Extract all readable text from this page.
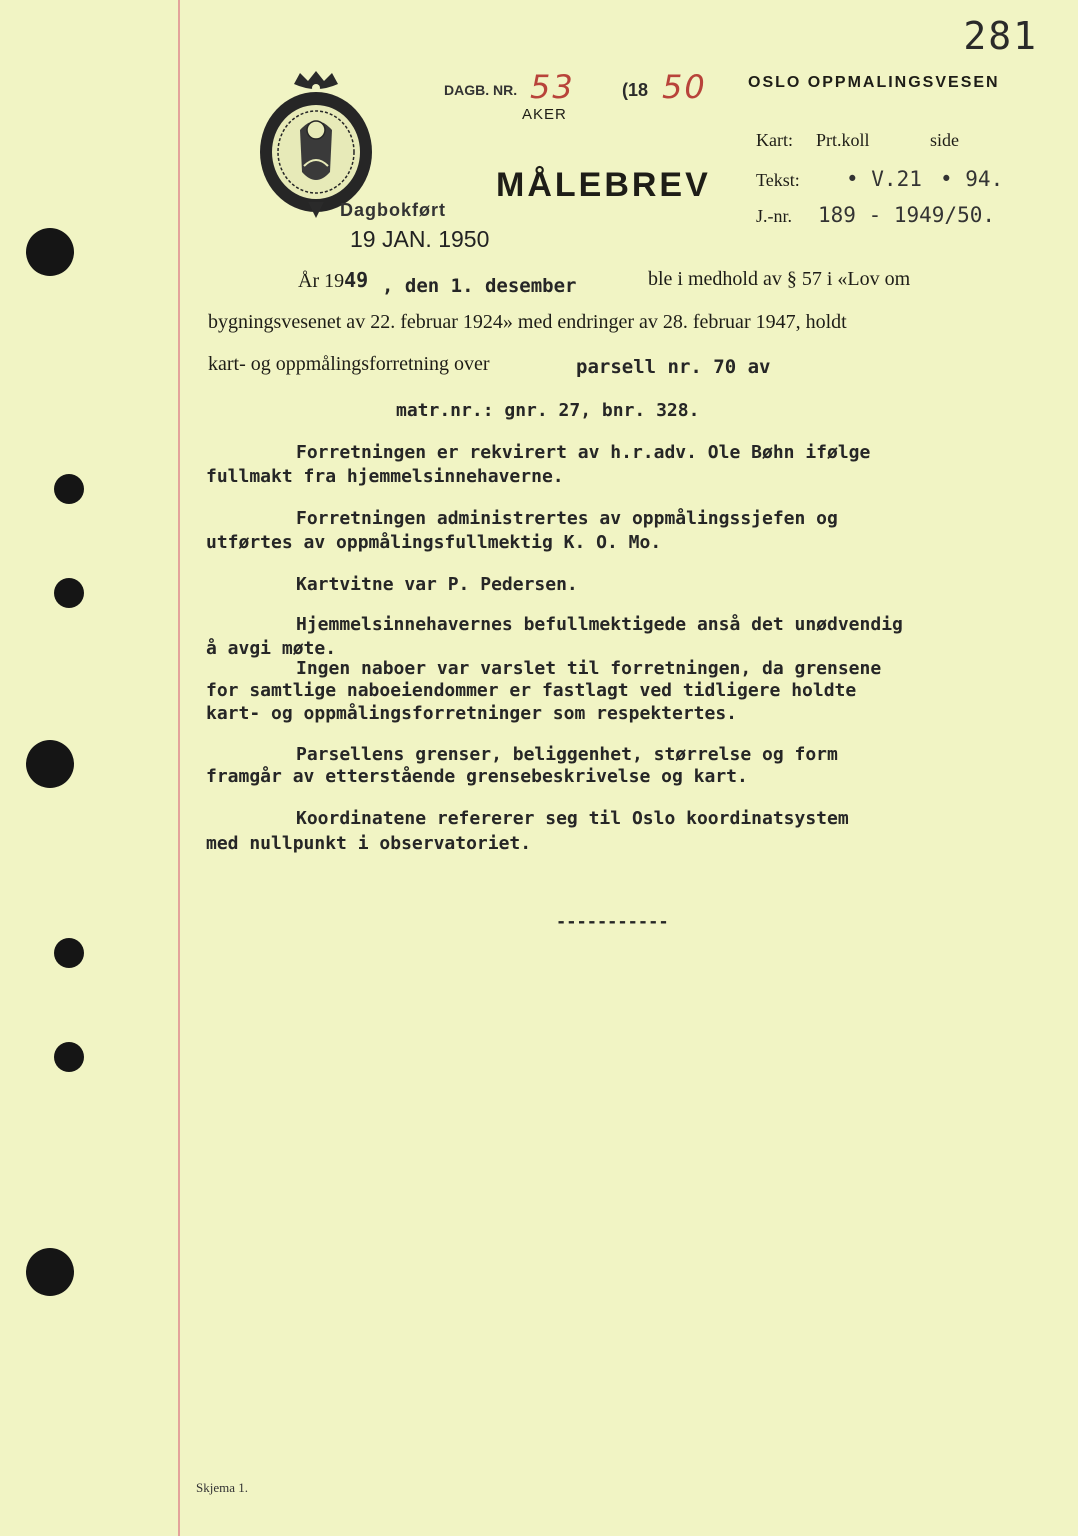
281
DAGB. NR. 53	(18 50
AKER
OSLO OPPMALINGSVESEN
MÅLEBREV
Kart: Prt.koll	side
Tekst: • V.21 • 94.
J.-nr. 189 - 1949/50.
Dagbokført
19 JAN. 1950
År 1949 , den 1. desember	ble i medhold av § 57 i «Lov om
bygningsvesenet av 22. februar 1924» med endringer av 28. februar 1947, holdt
kart- og oppmålingsforretning over	parsell nr. 70 av
matr.nr.: gnr. 27, bnr. 328.
Forretningen er rekvirert av h.r.adv. Ole Bøhn ifølge
fullmakt fra hjemmelsinnehaverne.
Forretningen administrertes av oppmålingssjefen og
utførtes av oppmålingsfullmektig K. O. Mo.
Kartvitne var P. Pedersen.
Hjemmelsinnehavernes befullmektigede anså det unødvendig
å avgi møte.
Ingen naboer var varslet til forretningen, da grensene
for samtlige naboeiendommer er fastlagt ved tidligere holdte
kart- og oppmålingsforretninger som respektertes.
Parsellens grenser, beliggenhet, størrelse og form
framgår av etterstående grensebeskrivelse og kart.
Koordinatene refererer seg til Oslo koordinatsystem
med nullpunkt i observatoriet.
-----------
Skjema 1.
